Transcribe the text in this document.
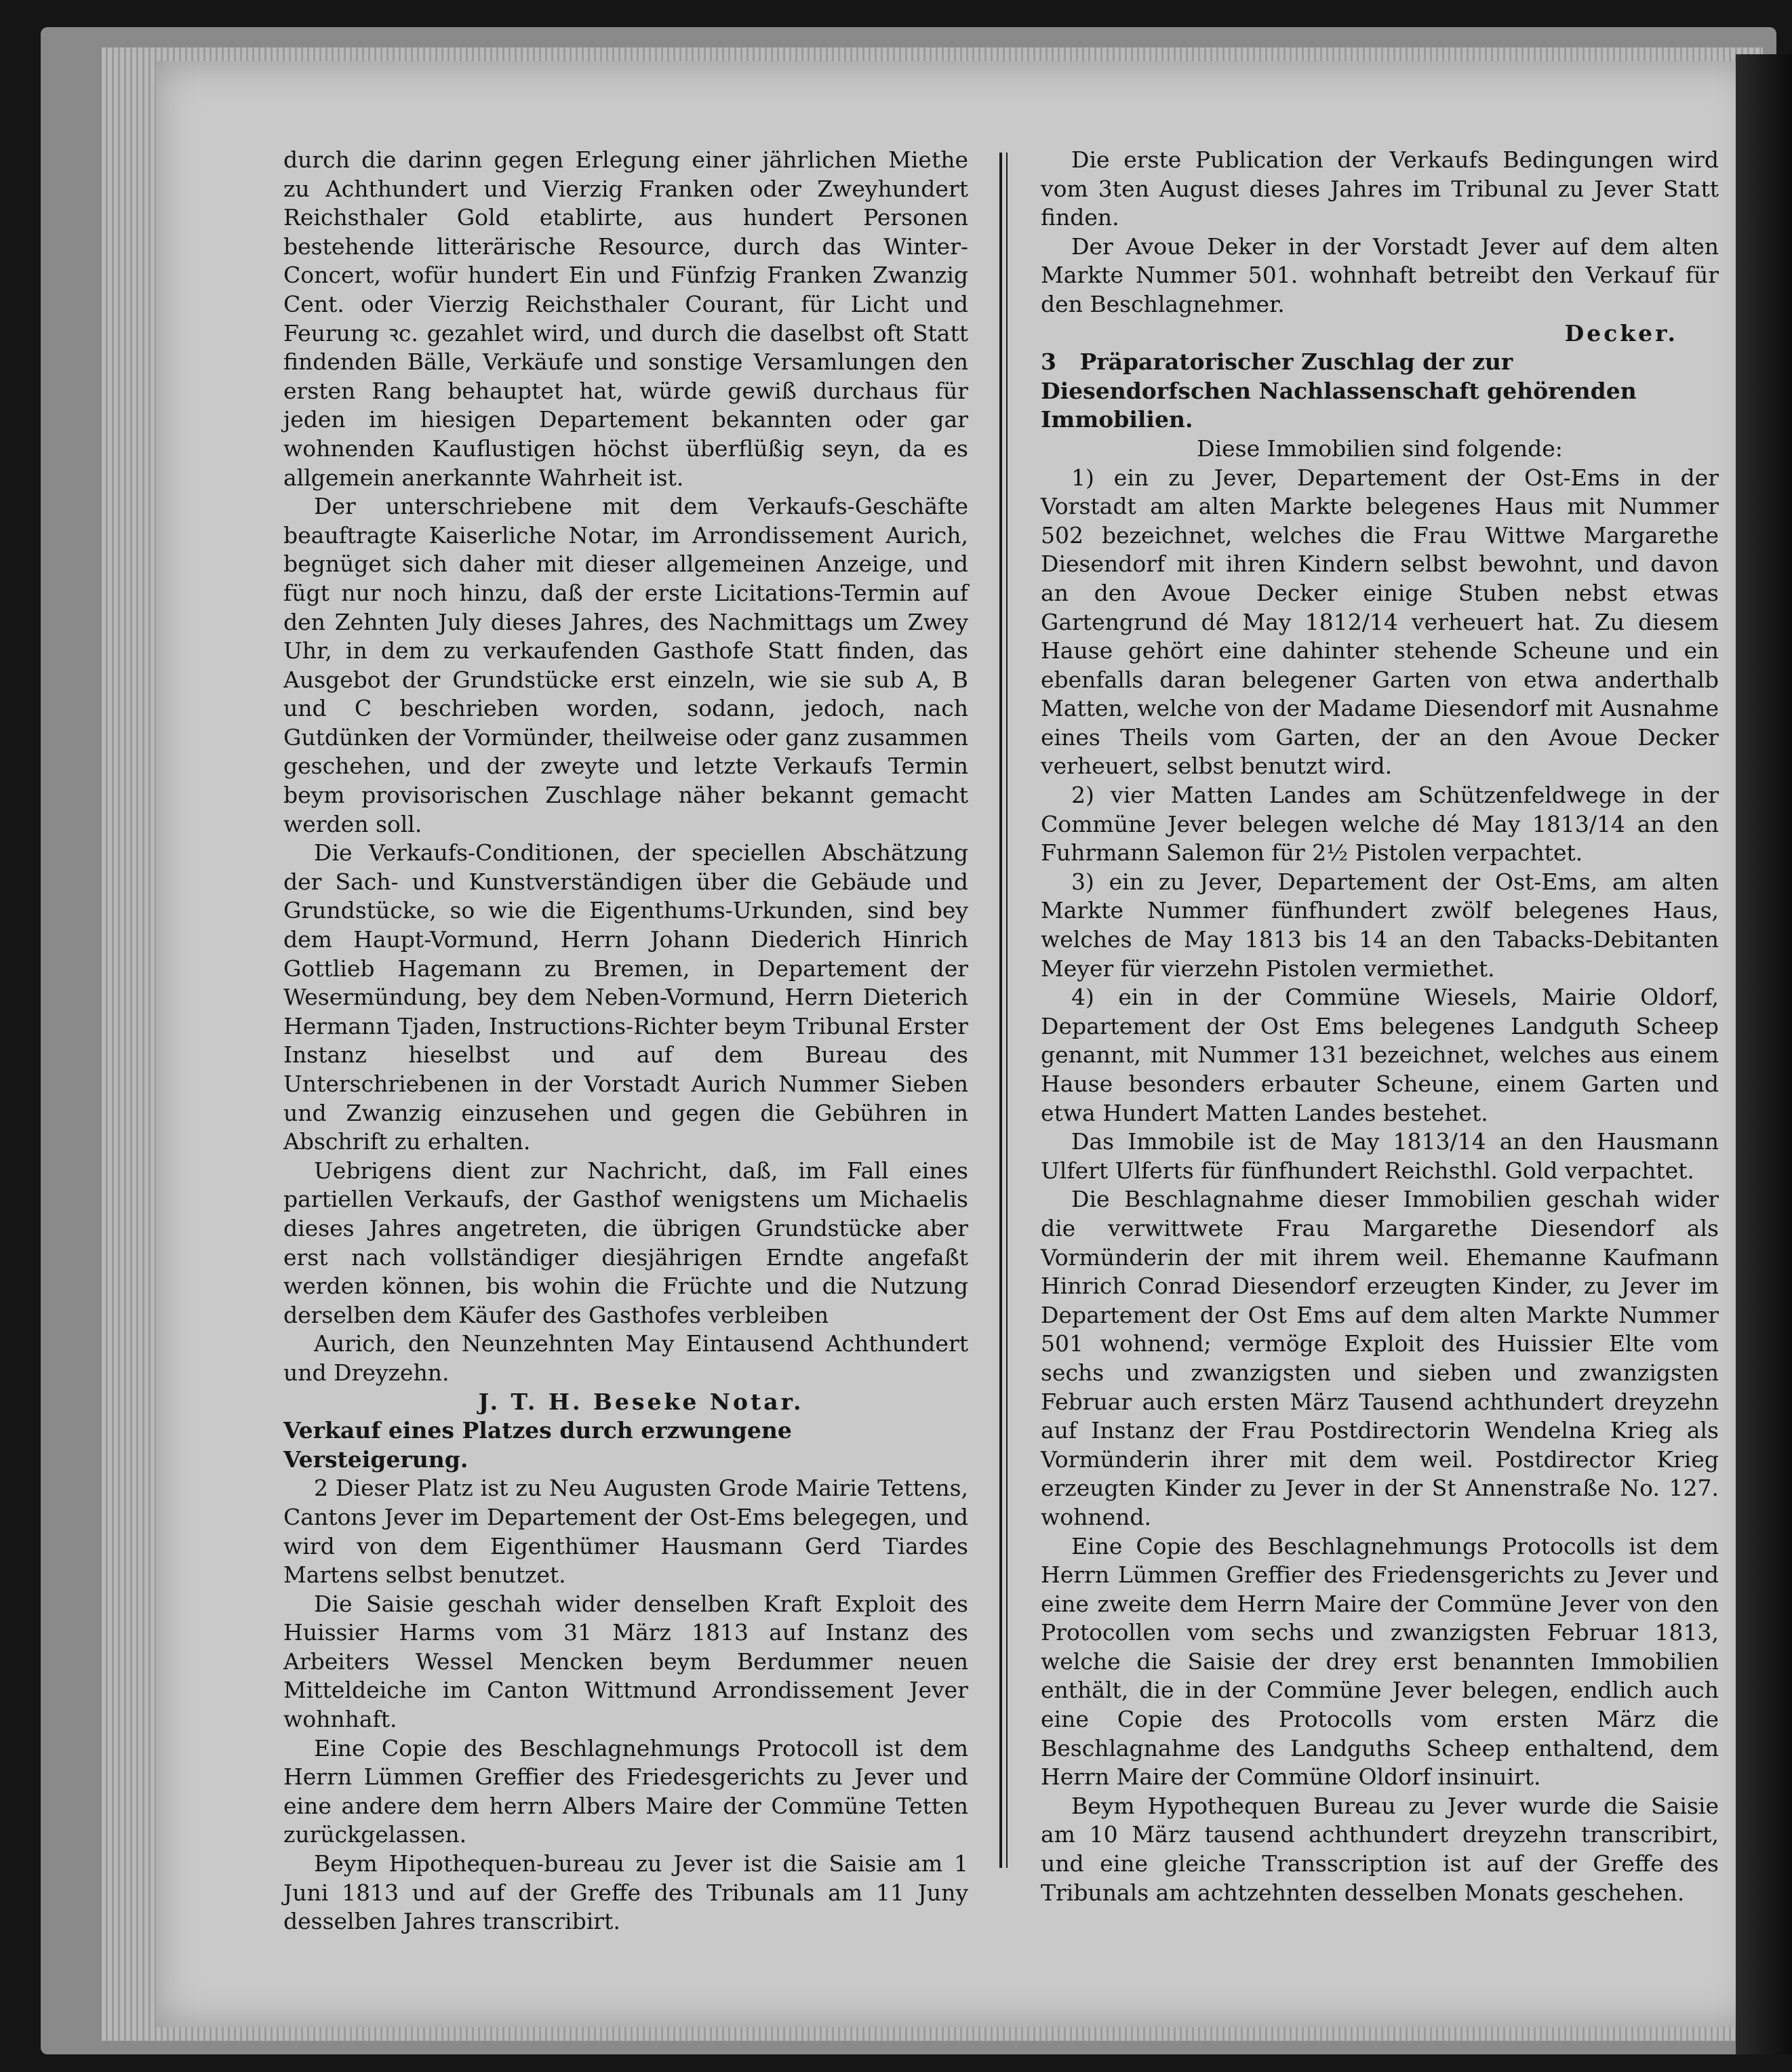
durch die darinn gegen Erlegung einer jährlichen Miethe zu Achthundert und Vierzig Franken oder Zweyhundert Reichsthaler Gold etablirte, aus hundert Personen bestehende litterärische Resource, durch das Winter-Concert, wofür hundert Ein und Fünfzig Franken Zwanzig Cent. oder Vierzig Reichsthaler Courant, für Licht und Feurung ꝛc. gezahlet wird, und durch die daselbst oft Statt findenden Bälle, Verkäufe und sonstige Versamlungen den ersten Rang behauptet hat, würde gewiß durchaus für jeden im hiesigen Departement bekannten oder gar wohnenden Kauflustigen höchst überflüßig seyn, da es allgemein anerkannte Wahrheit ist.

Der unterschriebene mit dem Verkaufs-Geschäfte beauftragte Kaiserliche Notar, im Arrondissement Aurich, begnüget sich daher mit dieser allgemeinen Anzeige, und fügt nur noch hinzu, daß der erste Licitations-Termin auf den Zehnten July dieses Jahres, des Nachmittags um Zwey Uhr, in dem zu verkaufenden Gasthofe Statt finden, das Ausgebot der Grundstücke erst einzeln, wie sie sub A, B und C beschrieben worden, sodann, jedoch, nach Gutdünken der Vormünder, theilweise oder ganz zusammen geschehen, und der zweyte und letzte Verkaufs Termin beym provisorischen Zuschlage näher bekannt gemacht werden soll.

Die Verkaufs-Conditionen, der speciellen Abschätzung der Sach- und Kunstverständigen über die Gebäude und Grundstücke, so wie die Eigenthums-Urkunden, sind bey dem Haupt-Vormund, Herrn Johann Diederich Hinrich Gottlieb Hagemann zu Bremen, in Departement der Wesermündung, bey dem Neben-Vormund, Herrn Dieterich Hermann Tjaden, Instructions-Richter beym Tribunal Erster Instanz hieselbst und auf dem Bureau des Unterschriebenen in der Vorstadt Aurich Nummer Sieben und Zwanzig einzusehen und gegen die Gebühren in Abschrift zu erhalten.

Uebrigens dient zur Nachricht, daß, im Fall eines partiellen Verkaufs, der Gasthof wenigstens um Michaelis dieses Jahres angetreten, die übrigen Grundstücke aber erst nach vollständiger diesjährigen Erndte angefaßt werden können, bis wohin die Früchte und die Nutzung derselben dem Käufer des Gasthofes verbleiben

Aurich, den Neunzehnten May Eintausend Achthundert und Dreyzehn.

J. T. H. Beseke Notar.

Verkauf eines Platzes durch erzwungene Versteigerung.

2 Dieser Platz ist zu Neu Augusten Grode Mairie Tettens, Cantons Jever im Departement der Ost-Ems belegegen, und wird von dem Eigenthümer Hausmann Gerd Tiardes Martens selbst benutzet.

Die Saisie geschah wider denselben Kraft Exploit des Huissier Harms vom 31 März 1813 auf Instanz des Arbeiters Wessel Mencken beym Berdummer neuen Mitteldeiche im Canton Wittmund Arrondissement Jever wohnhaft.

Eine Copie des Beschlagnehmungs Protocoll ist dem Herrn Lümmen Greffier des Friedesgerichts zu Jever und eine andere dem herrn Albers Maire der Commüne Tetten zurückgelassen.

Beym Hipothequen-bureau zu Jever ist die Saisie am 1 Juni 1813 und auf der Greffe des Tribunals am 11 Juny desselben Jahres transcribirt.

Die erste Publication der Verkaufs Bedingungen wird vom 3ten August dieses Jahres im Tribunal zu Jever Statt finden.

Der Avoue Deker in der Vorstadt Jever auf dem alten Markte Nummer 501. wohnhaft betreibt den Verkauf für den Beschlagnehmer.

Decker.

3 Präparatorischer Zuschlag der zur Diesendorfschen Nachlassenschaft gehörenden Immobilien.

Diese Immobilien sind folgende:

1) ein zu Jever, Departement der Ost-Ems in der Vorstadt am alten Markte belegenes Haus mit Nummer 502 bezeichnet, welches die Frau Wittwe Margarethe Diesendorf mit ihren Kindern selbst bewohnt, und davon an den Avoue Decker einige Stuben nebst etwas Gartengrund dé May 1812/14 verheuert hat. Zu diesem Hause gehört eine dahinter stehende Scheune und ein ebenfalls daran belegener Garten von etwa anderthalb Matten, welche von der Madame Diesendorf mit Ausnahme eines Theils vom Garten, der an den Avoue Decker verheuert, selbst benutzt wird.

2) vier Matten Landes am Schützenfeldwege in der Commüne Jever belegen welche dé May 1813/14 an den Fuhrmann Salemon für 2½ Pistolen verpachtet.

3) ein zu Jever, Departement der Ost-Ems, am alten Markte Nummer fünfhundert zwölf belegenes Haus, welches de May 1813 bis 14 an den Tabacks-Debitanten Meyer für vierzehn Pistolen vermiethet.

4) ein in der Commüne Wiesels, Mairie Oldorf, Departement der Ost Ems belegenes Landguth Scheep genannt, mit Nummer 131 bezeichnet, welches aus einem Hause besonders erbauter Scheune, einem Garten und etwa Hundert Matten Landes bestehet.

Das Immobile ist de May 1813/14 an den Hausmann Ulfert Ulferts für fünfhundert Reichsthl. Gold verpachtet.

Die Beschlagnahme dieser Immobilien geschah wider die verwittwete Frau Margarethe Diesendorf als Vormünderin der mit ihrem weil. Ehemanne Kaufmann Hinrich Conrad Diesendorf erzeugten Kinder, zu Jever im Departement der Ost Ems auf dem alten Markte Nummer 501 wohnend; vermöge Exploit des Huissier Elte vom sechs und zwanzigsten und sieben und zwanzigsten Februar auch ersten März Tausend achthundert dreyzehn auf Instanz der Frau Postdirectorin Wendelna Krieg als Vormünderin ihrer mit dem weil. Postdirector Krieg erzeugten Kinder zu Jever in der St Annenstraße No. 127. wohnend.

Eine Copie des Beschlagnehmungs Protocolls ist dem Herrn Lümmen Greffier des Friedensgerichts zu Jever und eine zweite dem Herrn Maire der Commüne Jever von den Protocollen vom sechs und zwanzigsten Februar 1813, welche die Saisie der drey erst benannten Immobilien enthält, die in der Commüne Jever belegen, endlich auch eine Copie des Protocolls vom ersten März die Beschlagnahme des Landguths Scheep enthaltend, dem Herrn Maire der Commüne Oldorf insinuirt.

Beym Hypothequen Bureau zu Jever wurde die Saisie am 10 März tausend achthundert dreyzehn transcribirt, und eine gleiche Transscription ist auf der Greffe des Tribunals am achtzehnten desselben Monats geschehen.
